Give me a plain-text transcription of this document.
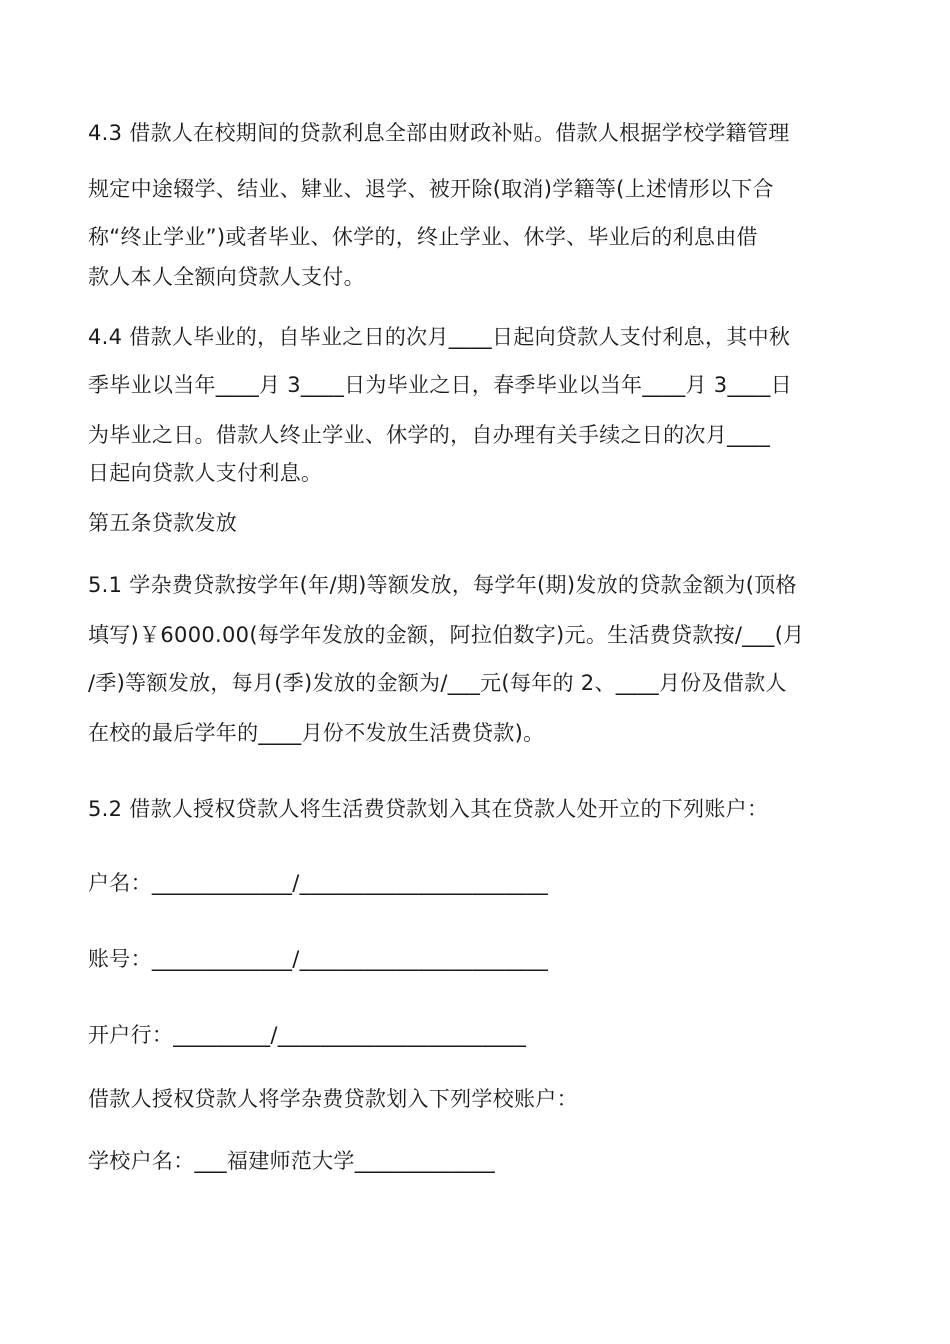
4.3 借款人在校期间的贷款利息全部由财政补贴。借款人根据学校学籍管理
规定中途辍学、结业、肄业、退学、被开除(取消)学籍等(上述情形以下合
称“终止学业”)或者毕业、休学的，终止学业、休学、毕业后的利息由借
款人本人全额向贷款人支付。
4.4 借款人毕业的，自毕业之日的次月____日起向贷款人支付利息，其中秋
季毕业以当年____月 3____日为毕业之日，春季毕业以当年____月 3____日
为毕业之日。借款人终止学业、休学的，自办理有关手续之日的次月____
日起向贷款人支付利息。
第五条贷款发放
5.1 学杂费贷款按学年(年/期)等额发放，每学年(期)发放的贷款金额为(顶格
填写)￥6000.00(每学年发放的金额，阿拉伯数字)元。生活费贷款按/___(月
/季)等额发放，每月(季)发放的金额为/___元(每年的 2、____月份及借款人
在校的最后学年的____月份不发放生活费贷款)。
5.2 借款人授权贷款人将生活费贷款划入其在贷款人处开立的下列账户：
户名：_____________/_______________________
账号：_____________/_______________________
开户行：_________/_______________________
借款人授权贷款人将学杂费贷款划入下列学校账户：
学校户名：___福建师范大学_____________
